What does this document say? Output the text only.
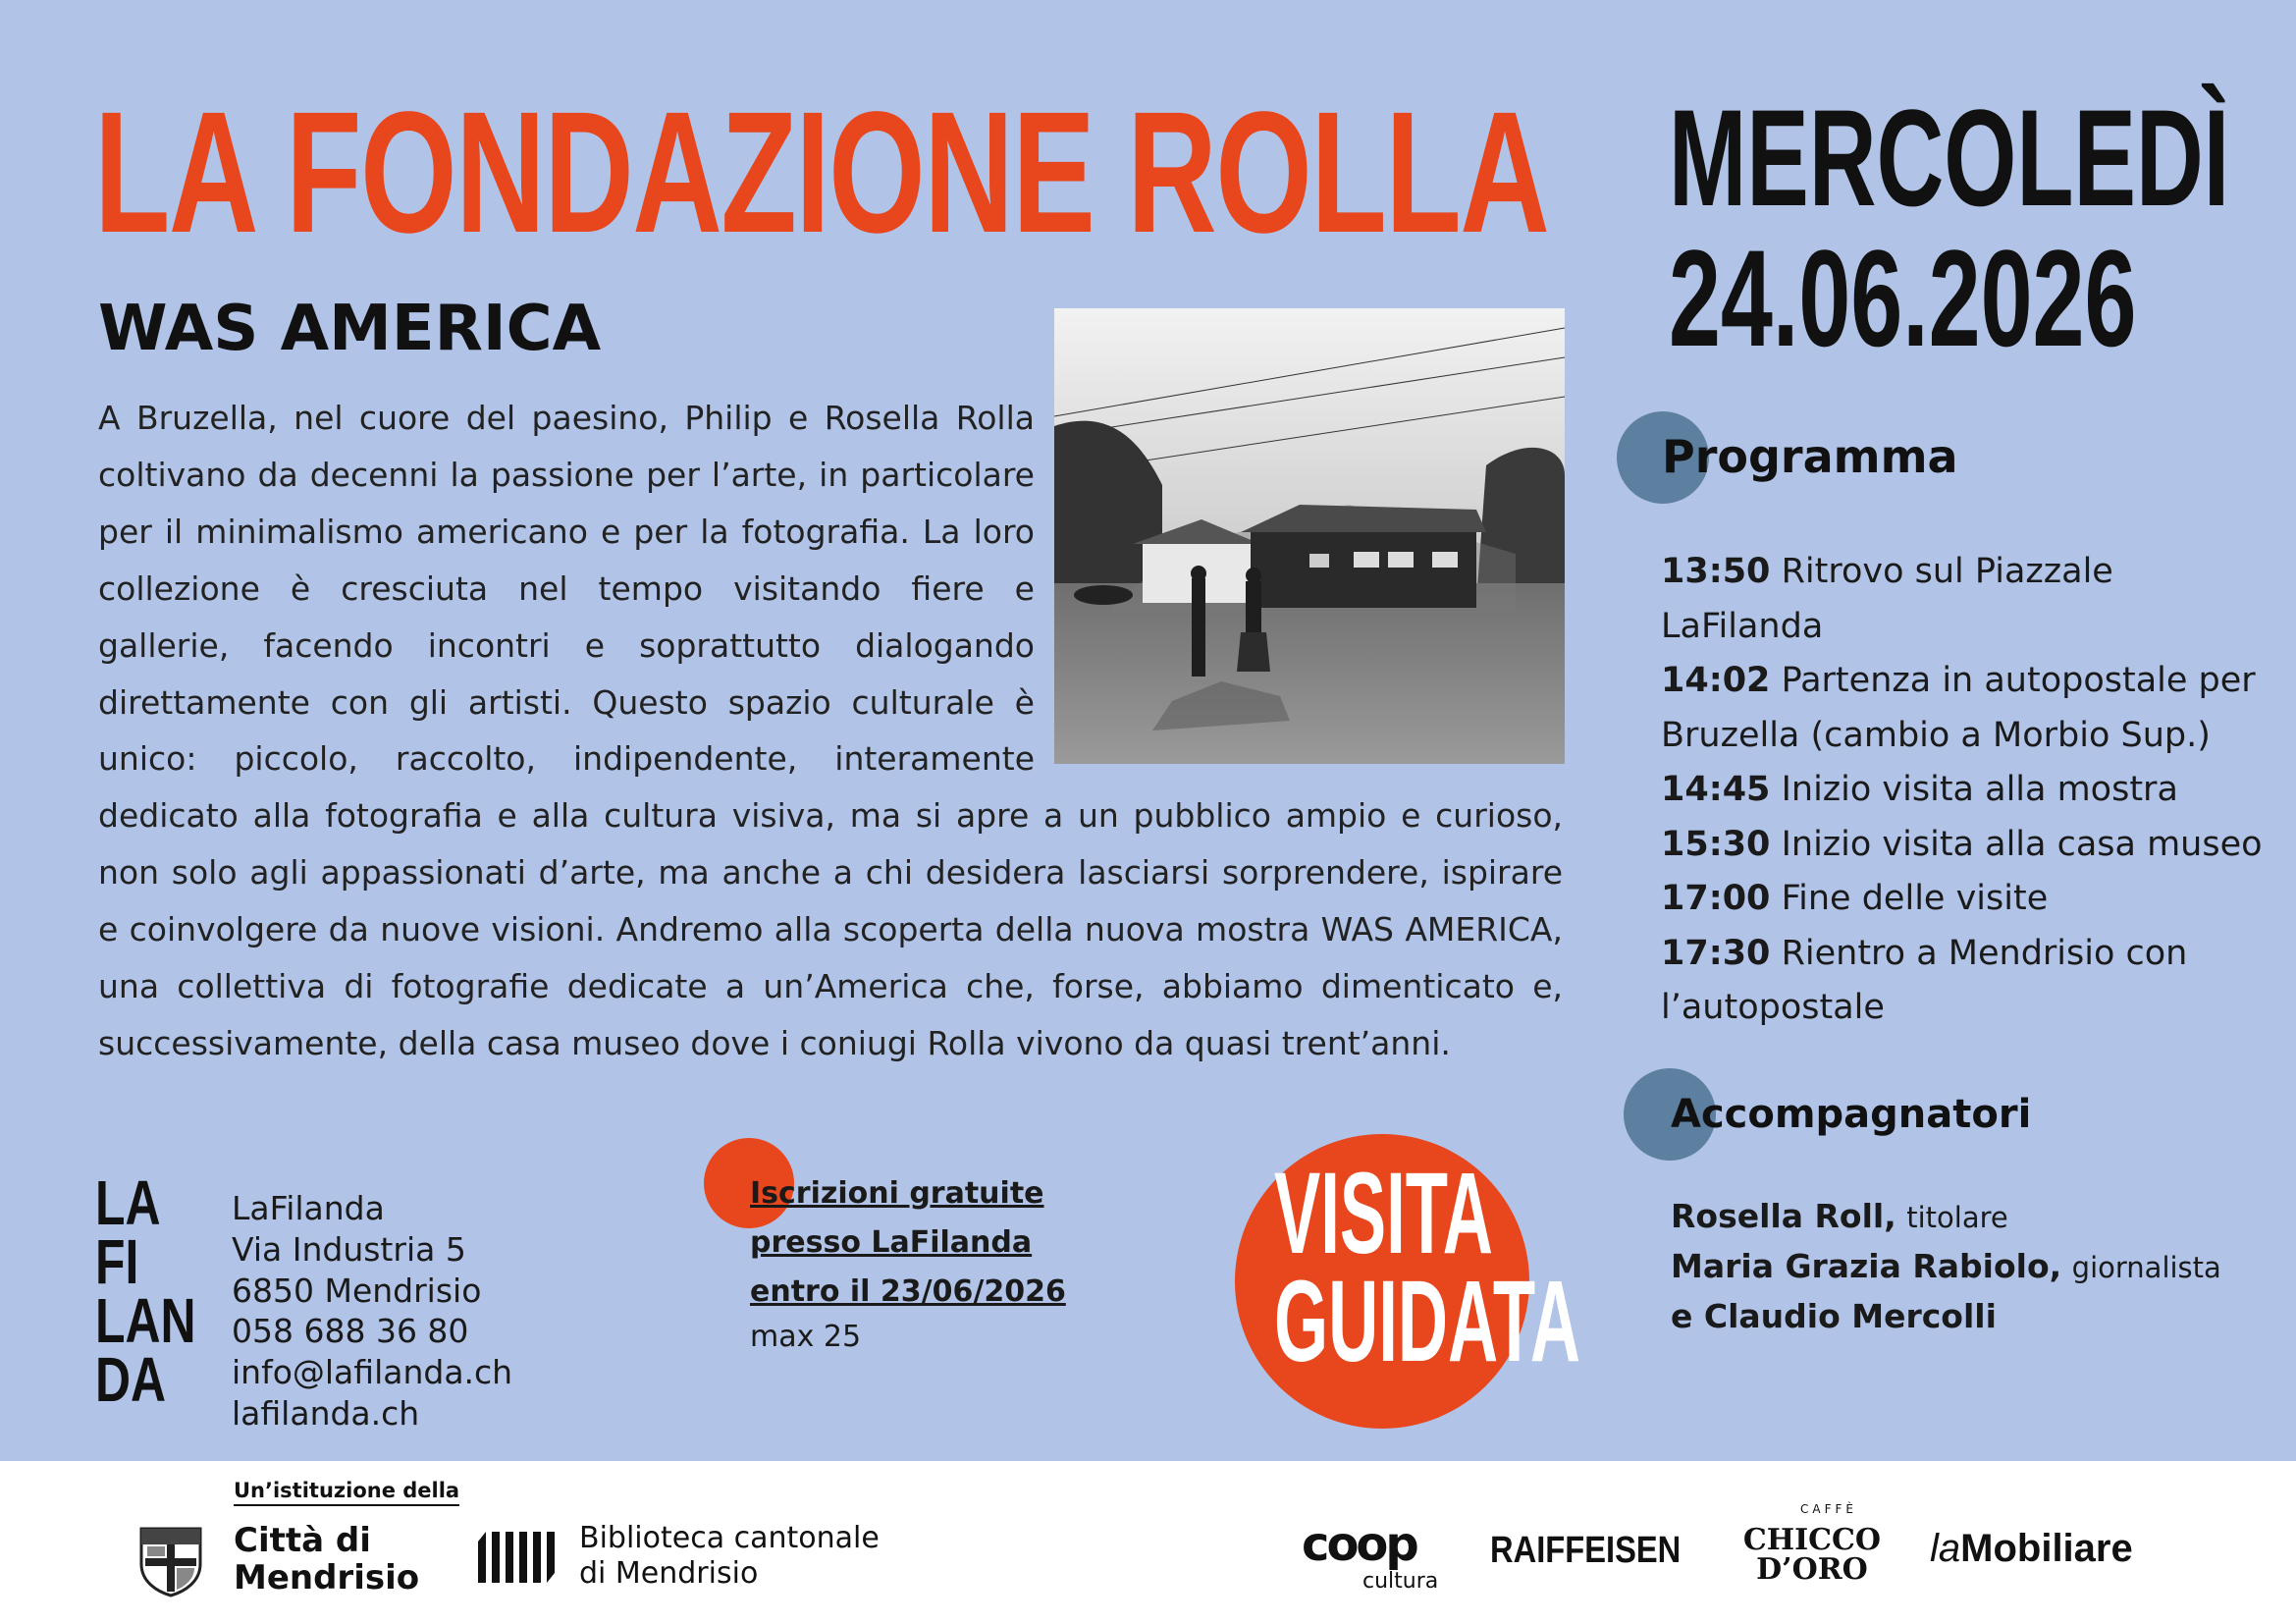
LA FONDAZIONE ROLLA
WAS AMERICA
MERCOLEDÌ
24.06.2026
A Bruzella, nel cuore del paesino, Philip e Rosella Rolla coltivano da decenni la passione per l’arte, in particolare per il minimalismo americano e per la fotografia. La loro collezione è cresciuta nel tempo visitando fiere e gallerie, facendo incontri e soprattutto dialogando direttamente con gli artisti. Questo spazio culturale è unico: piccolo, raccolto, indipendente, interamente dedicato alla fotografia e alla cultura visiva, ma si apre a un pubblico ampio e curioso, non solo agli appassionati d’arte, ma anche a chi desidera lasciarsi sorprendere, ispirare e coinvolgere da nuove visioni. Andremo alla scoperta della nuova mostra WAS AMERICA, una collettiva di fotografie dedicate a un’America che, forse, abbiamo dimenticato e, successivamente, della casa museo dove i coniugi Rolla vivono da quasi trent’anni.
Programma
13:50 Ritrovo sul Piazzale LaFilanda
14:02 Partenza in autopostale per Bruzella (cambio a Morbio Sup.)
14:45 Inizio visita alla mostra
15:30 Inizio visita alla casa museo
17:00 Fine delle visite
17:30 Rientro a Mendrisio con l’autopostale
Accompagnatori
Rosella Roll, titolare
Maria Grazia Rabiolo, giornalista
e Claudio Mercolli
LA
FI
LAN
DA
LaFilanda
Via Industria 5
6850 Mendrisio
058 688 36 80
info@lafilanda.ch
lafilanda.ch
Iscrizioni gratuite
presso LaFilanda
entro il 23/06/2026
max 25
VISITA
GUIDATA
Un’istituzione della
Città di
Mendrisio
Biblioteca cantonale
di Mendrisio
coop
cultura
RAIFFEISEN
CAFFÈ
CHICCO
D’ORO	laMobiliare
